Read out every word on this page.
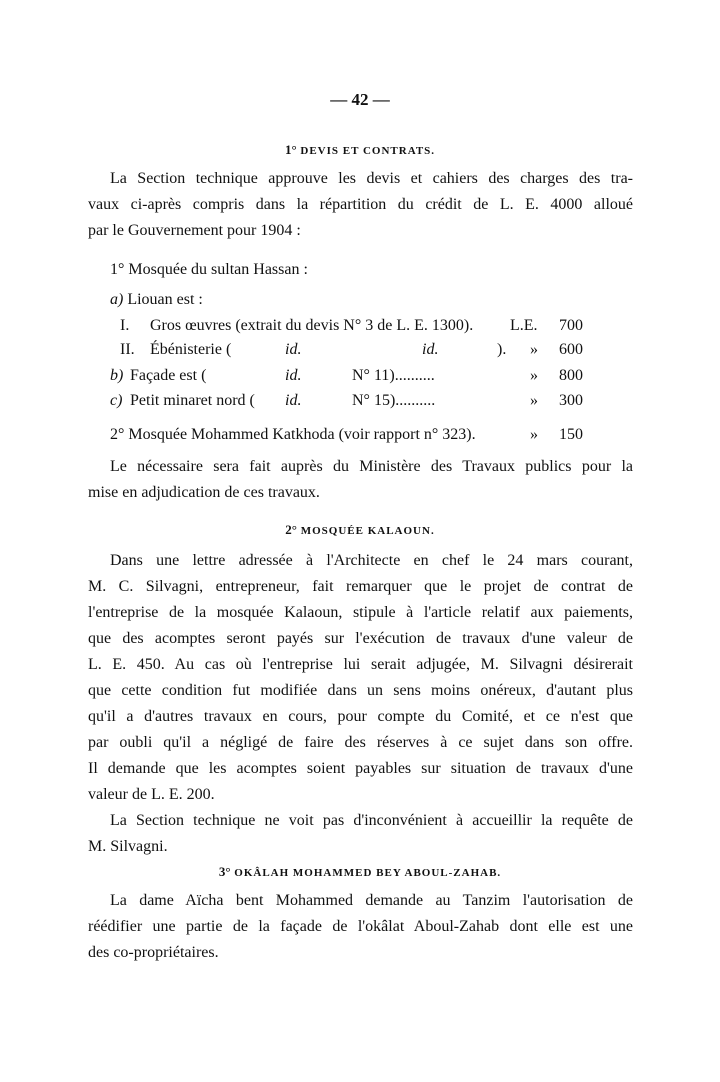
— 42 —
1° DEVIS ET CONTRATS.
La Section technique approuve les devis et cahiers des charges des tra-
vaux ci-après compris dans la répartition du crédit de L. E. 4000 alloué
par le Gouvernement pour 1904 :
1° Mosquée du sultan Hassan :
a) Liouan est :
I. Gros œuvres (extrait du devis N° 3 de L. E. 1300). L.E.	700
II. Ébénisterie (	id.	id.	). »	600
b) Façade est (	id.	N° 11)..........	»	800
c) Petit minaret nord ( id.	N° 15)..........	»	300
2° Mosquée Mohammed Katkhoda (voir rapport n° 323).	»	150
Le nécessaire sera fait auprès du Ministère des Travaux publics pour la
mise en adjudication de ces travaux.
2° MOSQUÉE KALAOUN.
Dans une lettre adressée à l'Architecte en chef le 24 mars courant,
M. C. Silvagni, entrepreneur, fait remarquer que le projet de contrat de
l'entreprise de la mosquée Kalaoun, stipule à l'article relatif aux paiements,
que des acomptes seront payés sur l'exécution de travaux d'une valeur de
L. E. 450. Au cas où l'entreprise lui serait adjugée, M. Silvagni désirerait
que cette condition fut modifiée dans un sens moins onéreux, d'autant plus
qu'il a d'autres travaux en cours, pour compte du Comité, et ce n'est que
par oubli qu'il a négligé de faire des réserves à ce sujet dans son offre.
Il demande que les acomptes soient payables sur situation de travaux d'une
valeur de L. E. 200.
La Section technique ne voit pas d'inconvénient à accueillir la requête de
M. Silvagni.
3° OKÂLAH MOHAMMED BEY ABOUL-ZAHAB.
La dame Aïcha bent Mohammed demande au Tanzim l'autorisation de
réédifier une partie de la façade de l'okâlat Aboul-Zahab dont elle est une
des co-propriétaires.
